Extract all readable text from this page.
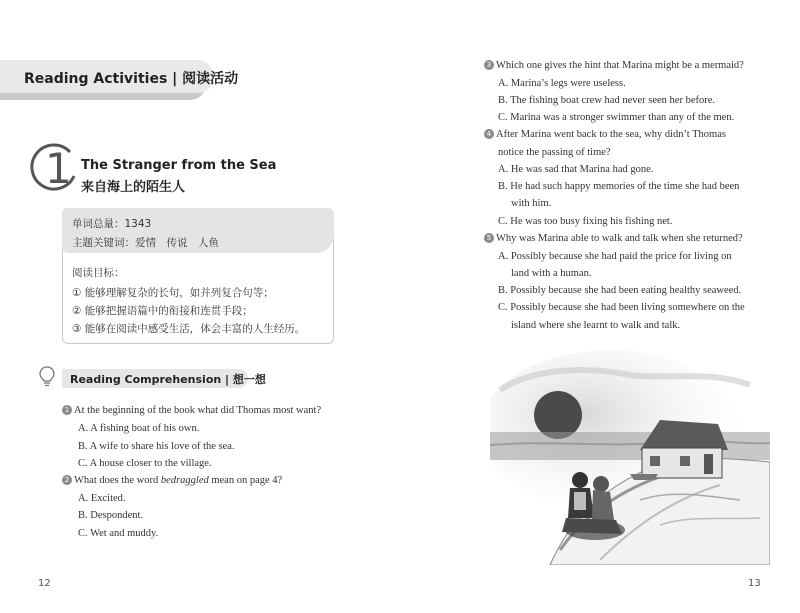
Reading Activities | 阅读活动
1 The Stranger from the Sea
来自海上的陌生人
单词总量：1343
主题关键词：爱情　传说　人鱼
阅读目标：
① 能够理解复杂的长句，如并列复合句等；
② 能够把握语篇中的衔接和连贯手段；
③ 能够在阅读中感受生活，体会丰富的人生经历。
Reading Comprehension | 想一想
1 At the beginning of the book what did Thomas most want?
A. A fishing boat of his own.
B. A wife to share his love of the sea.
C. A house closer to the village.
2 What does the word bedraggled mean on page 4?
A. Excited.
B. Despondent.
C. Wet and muddy.
12
3 Which one gives the hint that Marina might be a mermaid?
A. Marina’s legs were useless.
B. The fishing boat crew had never seen her before.
C. Marina was a stronger swimmer than any of the men.
4 After Marina went back to the sea, why didn’t Thomas
notice the passing of time?
A. He was sad that Marina had gone.
B. He had such happy memories of the time she had been
with him.
C. He was too busy fixing his fishing net.
5 Why was Marina able to walk and talk when she returned?
A. Possibly because she had paid the price for living on
land with a human.
B. Possibly because she had been eating healthy seaweed.
C. Possibly because she had been living somewhere on the
island where she learnt to walk and talk.
13
